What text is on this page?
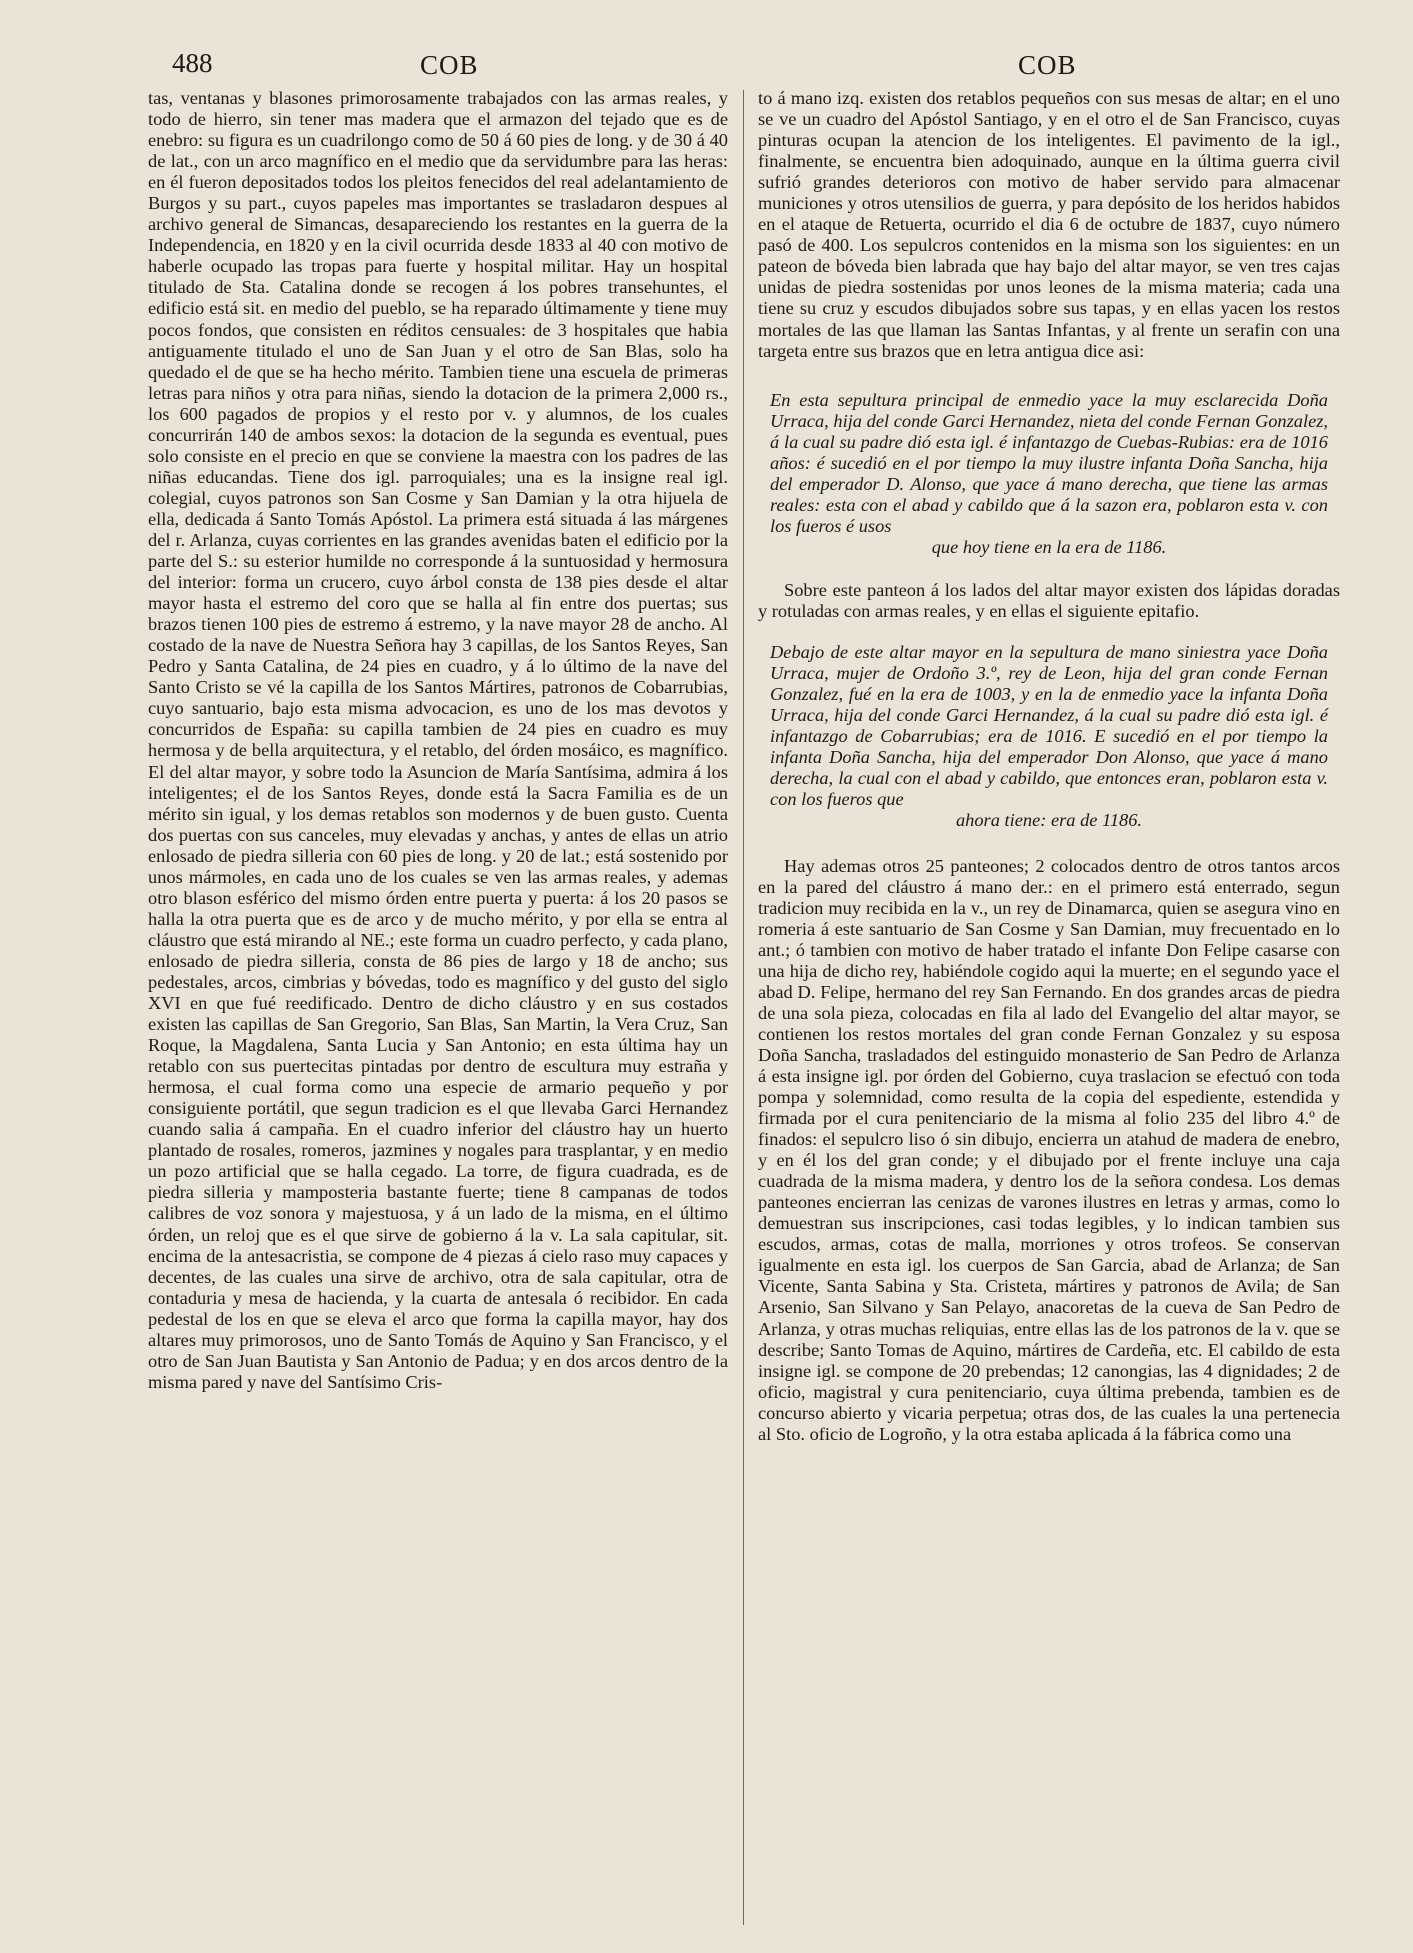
488	COB	COB

tas, ventanas y blasones primorosamente trabajados con las armas reales, y todo de hierro, sin tener mas madera que el armazon del tejado que es de enebro: su figura es un cuadrilongo como de 50 á 60 pies de long. y de 30 á 40 de lat., con un arco magnífico en el medio que da servidumbre para las heras: en él fueron depositados todos los pleitos fenecidos del real adelantamiento de Burgos y su part., cuyos papeles mas importantes se trasladaron despues al archivo general de Simancas, desapareciendo los restantes en la guerra de la Independencia, en 1820 y en la civil ocurrida desde 1833 al 40 con motivo de haberle ocupado las tropas para fuerte y hospital militar. Hay un hospital titulado de Sta. Catalina donde se recogen á los pobres transehuntes, el edificio está sit. en medio del pueblo, se ha reparado últimamente y tiene muy pocos fondos, que consisten en réditos censuales: de 3 hospitales que habia antiguamente titulado el uno de San Juan y el otro de San Blas, solo ha quedado el de que se ha hecho mérito. Tambien tiene una escuela de primeras letras para niños y otra para niñas, siendo la dotacion de la primera 2,000 rs., los 600 pagados de propios y el resto por v. y alumnos, de los cuales concurrirán 140 de ambos sexos: la dotacion de la segunda es eventual, pues solo consiste en el precio en que se conviene la maestra con los padres de las niñas educandas. Tiene dos igl. parroquiales; una es la insigne real igl. colegial, cuyos patronos son San Cosme y San Damian y la otra hijuela de ella, dedicada á Santo Tomás Apóstol. La primera está situada á las márgenes del r. Arlanza, cuyas corrientes en las grandes avenidas baten el edificio por la parte del S.: su esterior humilde no corresponde á la suntuosidad y hermosura del interior: forma un crucero, cuyo árbol consta de 138 pies desde el altar mayor hasta el estremo del coro que se halla al fin entre dos puertas; sus brazos tienen 100 pies de estremo á estremo, y la nave mayor 28 de ancho. Al costado de la nave de Nuestra Señora hay 3 capillas, de los Santos Reyes, San Pedro y Santa Catalina, de 24 pies en cuadro, y á lo último de la nave del Santo Cristo se vé la capilla de los Santos Mártires, patronos de Cobarrubias, cuyo santuario, bajo esta misma advocacion, es uno de los mas devotos y concurridos de España: su capilla tambien de 24 pies en cuadro es muy hermosa y de bella arquitectura, y el retablo, del órden mosáico, es magnífico. El del altar mayor, y sobre todo la Asuncion de María Santísima, admira á los inteligentes; el de los Santos Reyes, donde está la Sacra Familia es de un mérito sin igual, y los demas retablos son modernos y de buen gusto. Cuenta dos puertas con sus canceles, muy elevadas y anchas, y antes de ellas un atrio enlosado de piedra silleria con 60 pies de long. y 20 de lat.; está sostenido por unos mármoles, en cada uno de los cuales se ven las armas reales, y ademas otro blason esférico del mismo órden entre puerta y puerta: á los 20 pasos se halla la otra puerta que es de arco y de mucho mérito, y por ella se entra al cláustro que está mirando al NE.; este forma un cuadro perfecto, y cada plano, enlosado de piedra silleria, consta de 86 pies de largo y 18 de ancho; sus pedestales, arcos, cimbrias y bóvedas, todo es magnífico y del gusto del siglo XVI en que fué reedificado. Dentro de dicho cláustro y en sus costados existen las capillas de San Gregorio, San Blas, San Martin, la Vera Cruz, San Roque, la Magdalena, Santa Lucia y San Antonio; en esta última hay un retablo con sus puertecitas pintadas por dentro de escultura muy estraña y hermosa, el cual forma como una especie de armario pequeño y por consiguiente portátil, que segun tradicion es el que llevaba Garci Hernandez cuando salia á campaña. En el cuadro inferior del cláustro hay un huerto plantado de rosales, romeros, jazmines y nogales para trasplantar, y en medio un pozo artificial que se halla cegado. La torre, de figura cuadrada, es de piedra silleria y mamposteria bastante fuerte; tiene 8 campanas de todos calibres de voz sonora y majestuosa, y á un lado de la misma, en el último órden, un reloj que es el que sirve de gobierno á la v. La sala capitular, sit. encima de la antesacristia, se compone de 4 piezas á cielo raso muy capaces y decentes, de las cuales una sirve de archivo, otra de sala capitular, otra de contaduria y mesa de hacienda, y la cuarta de antesala ó recibidor. En cada pedestal de los en que se eleva el arco que forma la capilla mayor, hay dos altares muy primorosos, uno de Santo Tomás de Aquino y San Francisco, y el otro de San Juan Bautista y San Antonio de Padua; y en dos arcos dentro de la misma pared y nave del Santísimo Cris-

to á mano izq. existen dos retablos pequeños con sus mesas de altar; en el uno se ve un cuadro del Apóstol Santiago, y en el otro el de San Francisco, cuyas pinturas ocupan la atencion de los inteligentes. El pavimento de la igl., finalmente, se encuentra bien adoquinado, aunque en la última guerra civil sufrió grandes deterioros con motivo de haber servido para almacenar municiones y otros utensilios de guerra, y para depósito de los heridos habidos en el ataque de Retuerta, ocurrido el dia 6 de octubre de 1837, cuyo número pasó de 400. Los sepulcros contenidos en la misma son los siguientes: en un pateon de bóveda bien labrada que hay bajo del altar mayor, se ven tres cajas unidas de piedra sostenidas por unos leones de la misma materia; cada una tiene su cruz y escudos dibujados sobre sus tapas, y en ellas yacen los restos mortales de las que llaman las Santas Infantas, y al frente un serafin con una targeta entre sus brazos que en letra antigua dice asi:

En esta sepultura principal de enmedio yace la muy esclarecida Doña Urraca, hija del conde Garci Hernandez, nieta del conde Fernan Gonzalez, á la cual su padre dió esta igl. é infantazgo de Cuebas-Rubias: era de 1016 años: é sucedió en el por tiempo la muy ilustre infanta Doña Sancha, hija del emperador D. Alonso, que yace á mano derecha, que tiene las armas reales: esta con el abad y cabildo que á la sazon era, poblaron esta v. con los fueros é usos
que hoy tiene en la era de 1186.

Sobre este panteon á los lados del altar mayor existen dos lápidas doradas y rotuladas con armas reales, y en ellas el siguiente epitafio.

Debajo de este altar mayor en la sepultura de mano siniestra yace Doña Urraca, mujer de Ordoño 3.º, rey de Leon, hija del gran conde Fernan Gonzalez, fué en la era de 1003, y en la de enmedio yace la infanta Doña Urraca, hija del conde Garci Hernandez, á la cual su padre dió esta igl. é infantazgo de Cobarrubias; era de 1016. E sucedió en el por tiempo la infanta Doña Sancha, hija del emperador Don Alonso, que yace á mano derecha, la cual con el abad y cabildo, que entonces eran, poblaron esta v. con los fueros que
ahora tiene: era de 1186.

Hay ademas otros 25 panteones; 2 colocados dentro de otros tantos arcos en la pared del cláustro á mano der.: en el primero está enterrado, segun tradicion muy recibida en la v., un rey de Dinamarca, quien se asegura vino en romeria á este santuario de San Cosme y San Damian, muy frecuentado en lo ant.; ó tambien con motivo de haber tratado el infante Don Felipe casarse con una hija de dicho rey, habiéndole cogido aqui la muerte; en el segundo yace el abad D. Felipe, hermano del rey San Fernando. En dos grandes arcas de piedra de una sola pieza, colocadas en fila al lado del Evangelio del altar mayor, se contienen los restos mortales del gran conde Fernan Gonzalez y su esposa Doña Sancha, trasladados del estinguido monasterio de San Pedro de Arlanza á esta insigne igl. por órden del Gobierno, cuya traslacion se efectuó con toda pompa y solemnidad, como resulta de la copia del espediente, estendida y firmada por el cura penitenciario de la misma al folio 235 del libro 4.º de finados: el sepulcro liso ó sin dibujo, encierra un atahud de madera de enebro, y en él los del gran conde; y el dibujado por el frente incluye una caja cuadrada de la misma madera, y dentro los de la señora condesa. Los demas panteones encierran las cenizas de varones ilustres en letras y armas, como lo demuestran sus inscripciones, casi todas legibles, y lo indican tambien sus escudos, armas, cotas de malla, morriones y otros trofeos. Se conservan igualmente en esta igl. los cuerpos de San Garcia, abad de Arlanza; de San Vicente, Santa Sabina y Sta. Cristeta, mártires y patronos de Avila; de San Arsenio, San Silvano y San Pelayo, anacoretas de la cueva de San Pedro de Arlanza, y otras muchas reliquias, entre ellas las de los patronos de la v. que se describe; Santo Tomas de Aquino, mártires de Cardeña, etc. El cabildo de esta insigne igl. se compone de 20 prebendas; 12 canongias, las 4 dignidades; 2 de oficio, magistral y cura penitenciario, cuya última prebenda, tambien es de concurso abierto y vicaria perpetua; otras dos, de las cuales la una pertenecia al Sto. oficio de Logroño, y la otra estaba aplicada á la fábrica como una
